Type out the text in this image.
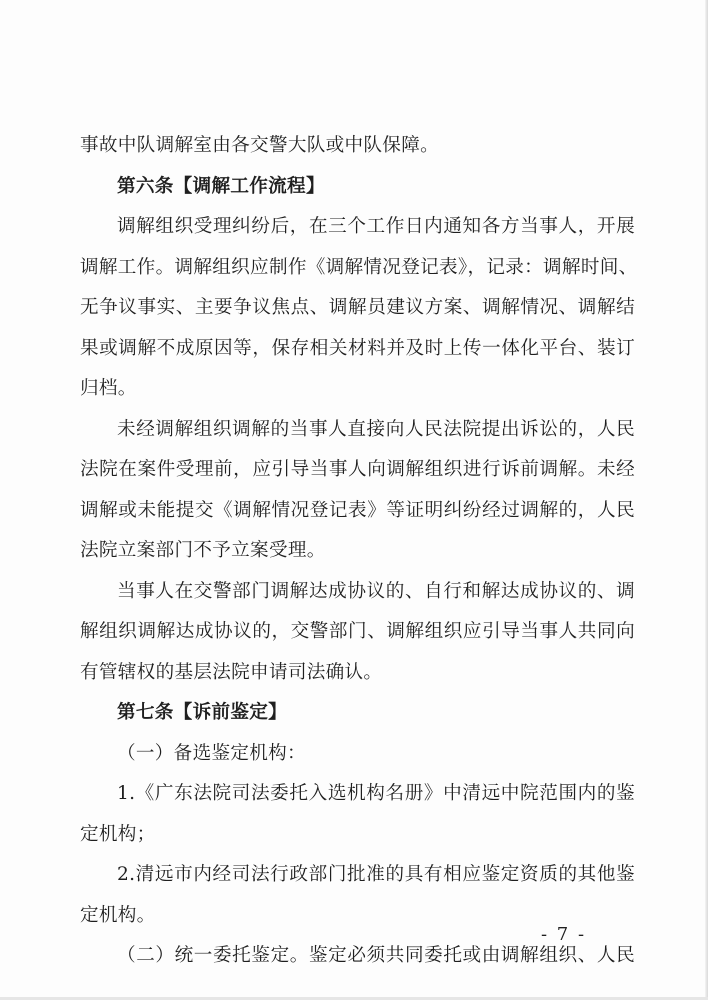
事故中队调解室由各交警大队或中队保障。
第六条【调解工作流程】
调解组织受理纠纷后，在三个工作日内通知各方当事人，开展
调解工作。调解组织应制作《调解情况登记表》，记录：调解时间、
无争议事实、主要争议焦点、调解员建议方案、调解情况、调解结
果或调解不成原因等，保存相关材料并及时上传一体化平台、装订
归档。
未经调解组织调解的当事人直接向人民法院提出诉讼的，人民
法院在案件受理前，应引导当事人向调解组织进行诉前调解。未经
调解或未能提交《调解情况登记表》等证明纠纷经过调解的，人民
法院立案部门不予立案受理。
当事人在交警部门调解达成协议的、自行和解达成协议的、调
解组织调解达成协议的，交警部门、调解组织应引导当事人共同向
有管辖权的基层法院申请司法确认。
第七条【诉前鉴定】
（一）备选鉴定机构：
1.《广东法院司法委托入选机构名册》中清远中院范围内的鉴
定机构；
2.清远市内经司法行政部门批准的具有相应鉴定资质的其他鉴
定机构。
（二）统一委托鉴定。鉴定必须共同委托或由调解组织、人民
- 7 -
